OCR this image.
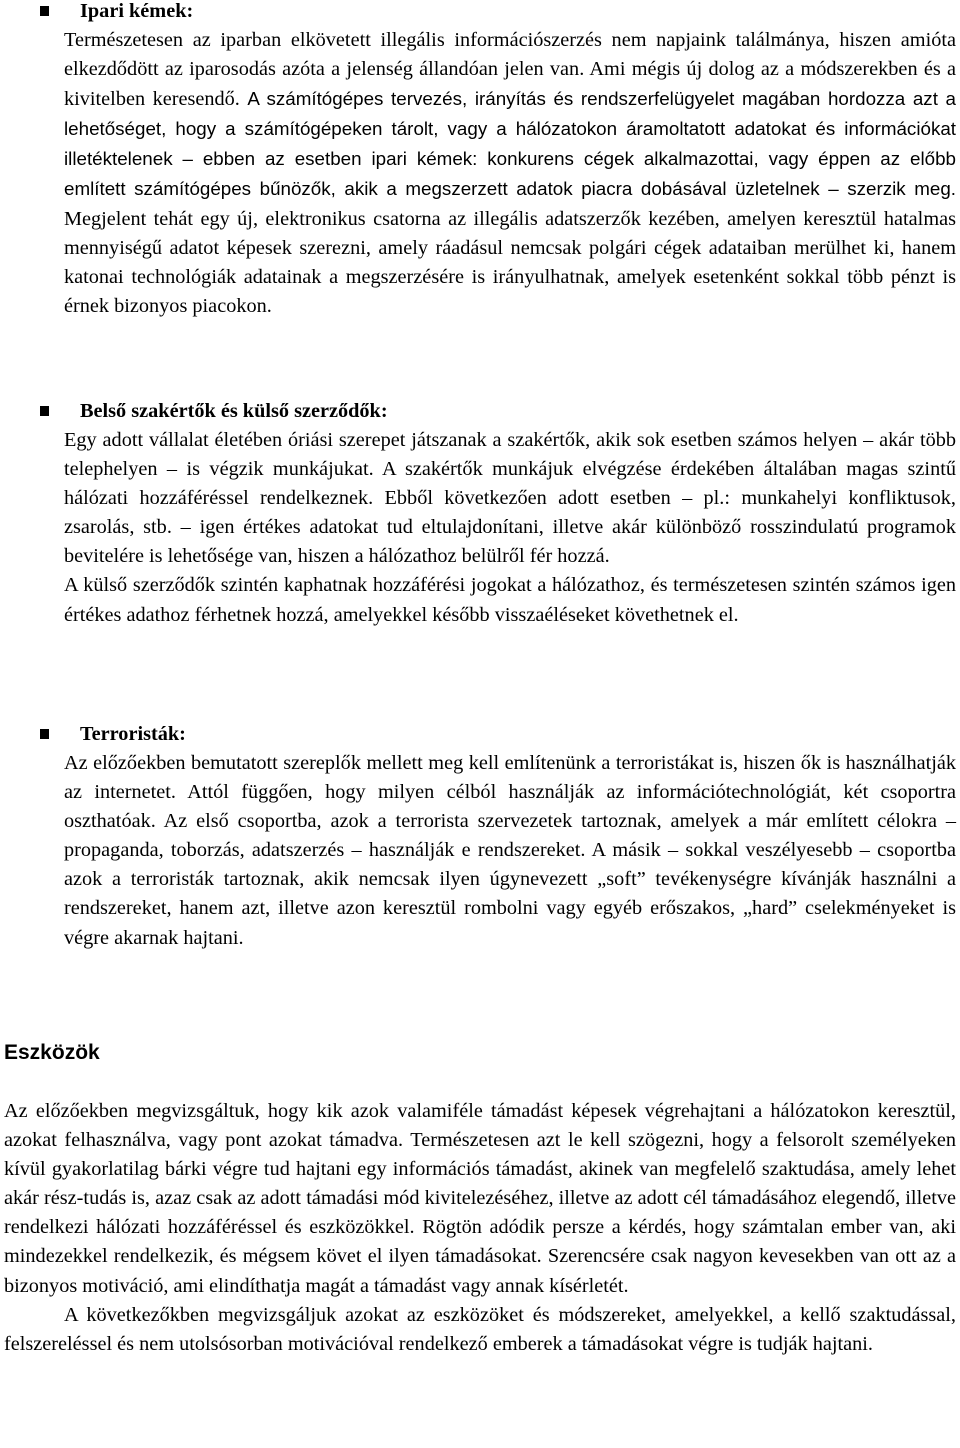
Ipari kémek:

Természetesen az iparban elkövetett illegális információszerzés nem napjaink találmánya, hiszen amióta elkezdődött az iparosodás azóta a jelenség állandóan jelen van. Ami mégis új dolog az a módszerekben és a kivitelben keresendő. A számítógépes tervezés, irányítás és rendszerfelügyelet magában hordozza azt a lehetőséget, hogy a számítógépeken tárolt, vagy a hálózatokon áramoltatott adatokat és információkat illetéktelenek – ebben az esetben ipari kémek: konkurens cégek alkalmazottai, vagy éppen az előbb említett számítógépes bűnözők, akik a megszerzett adatok piacra dobásával üzletelnek – szerzik meg. Megjelent tehát egy új, elektronikus csatorna az illegális adatszerzők kezében, amelyen keresztül hatalmas mennyiségű adatot képesek szerezni, amely ráadásul nemcsak polgári cégek adataiban merülhet ki, hanem katonai technológiák adatainak a megszerzésére is irányulhatnak, amelyek esetenként sokkal több pénzt is érnek bizonyos piacokon.

Belső szakértők és külső szerződők:

Egy adott vállalat életében óriási szerepet játszanak a szakértők, akik sok esetben számos helyen – akár több telephelyen – is végzik munkájukat. A szakértők munkájuk elvégzése érdekében általában magas szintű hálózati hozzáféréssel rendelkeznek. Ebből következően adott esetben – pl.: munkahelyi konfliktusok, zsarolás, stb. – igen értékes adatokat tud eltulajdonítani, illetve akár különböző rosszindulatú programok bevitelére is lehetősége van, hiszen a hálózathoz belülről fér hozzá.

A külső szerződők szintén kaphatnak hozzáférési jogokat a hálózathoz, és természetesen szintén számos igen értékes adathoz férhetnek hozzá, amelyekkel később visszaéléseket követhetnek el.

Terroristák:

Az előzőekben bemutatott szereplők mellett meg kell említenünk a terroristákat is, hiszen ők is használhatják az internetet. Attól függően, hogy milyen célból használják az információtechnológiát, két csoportra oszthatóak. Az első csoportba, azok a terrorista szervezetek tartoznak, amelyek a már említett célokra – propaganda, toborzás, adatszerzés – használják e rendszereket. A másik – sokkal veszélyesebb – csoportba azok a terroristák tartoznak, akik nemcsak ilyen úgynevezett „soft” tevékenységre kívánják használni a rendszereket, hanem azt, illetve azon keresztül rombolni vagy egyéb erőszakos, „hard” cselekményeket is végre akarnak hajtani.

Eszközök

Az előzőekben megvizsgáltuk, hogy kik azok valamiféle támadást képesek végrehajtani a hálózatokon keresztül, azokat felhasználva, vagy pont azokat támadva. Természetesen azt le kell szögezni, hogy a felsorolt személyeken kívül gyakorlatilag bárki végre tud hajtani egy információs támadást, akinek van megfelelő szaktudása, amely lehet akár rész-tudás is, azaz csak az adott támadási mód kivitelezéséhez, illetve az adott cél támadásához elegendő, illetve rendelkezi hálózati hozzáféréssel és eszközökkel. Rögtön adódik persze a kérdés, hogy számtalan ember van, aki mindezekkel rendelkezik, és mégsem követ el ilyen támadásokat. Szerencsére csak nagyon kevesekben van ott az a bizonyos motiváció, ami elindíthatja magát a támadást vagy annak kísérletét.

A következőkben megvizsgáljuk azokat az eszközöket és módszereket, amelyekkel, a kellő szaktudással, felszereléssel és nem utolsósorban motivációval rendelkező emberek a támadásokat végre is tudják hajtani.
